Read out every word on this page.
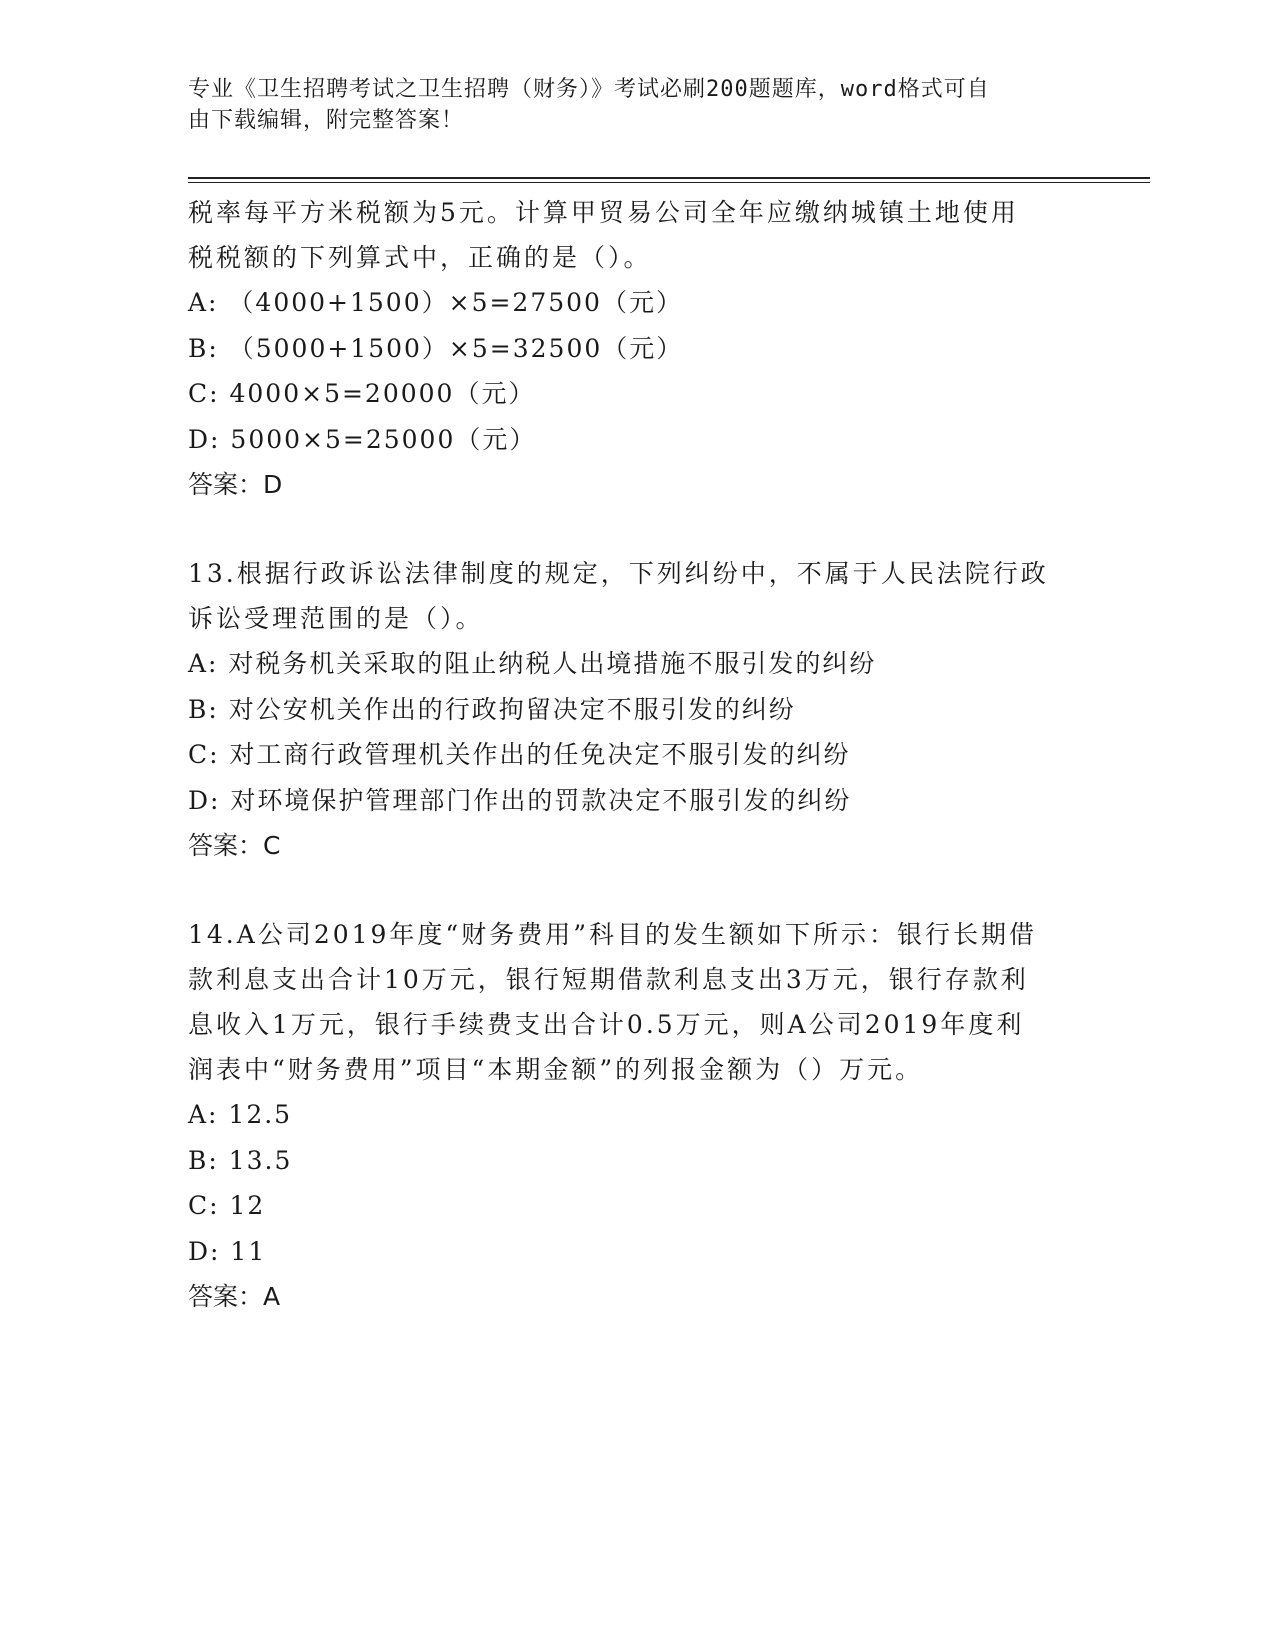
专业《卫生招聘考试之卫生招聘（财务）》考试必刷200题题库，word格式可自
由下载编辑，附完整答案！
税率每平方米税额为5元。计算甲贸易公司全年应缴纳城镇土地使用
税税额的下列算式中，正确的是（）。
A: （4000+1500）×5=27500（元）
B: （5000+1500）×5=32500（元）
C: 4000×5=20000（元）
D: 5000×5=25000（元）
答案：D
13.根据行政诉讼法律制度的规定，下列纠纷中，不属于人民法院行政
诉讼受理范围的是（）。
A: 对税务机关采取的阻止纳税人出境措施不服引发的纠纷
B: 对公安机关作出的行政拘留决定不服引发的纠纷
C: 对工商行政管理机关作出的任免决定不服引发的纠纷
D: 对环境保护管理部门作出的罚款决定不服引发的纠纷
答案：C
14.A公司2019年度“财务费用”科目的发生额如下所示：银行长期借
款利息支出合计10万元，银行短期借款利息支出3万元，银行存款利
息收入1万元，银行手续费支出合计0.5万元，则A公司2019年度利
润表中“财务费用”项目“本期金额”的列报金额为（）万元。
A: 12.5
B: 13.5
C: 12
D: 11
答案：A
